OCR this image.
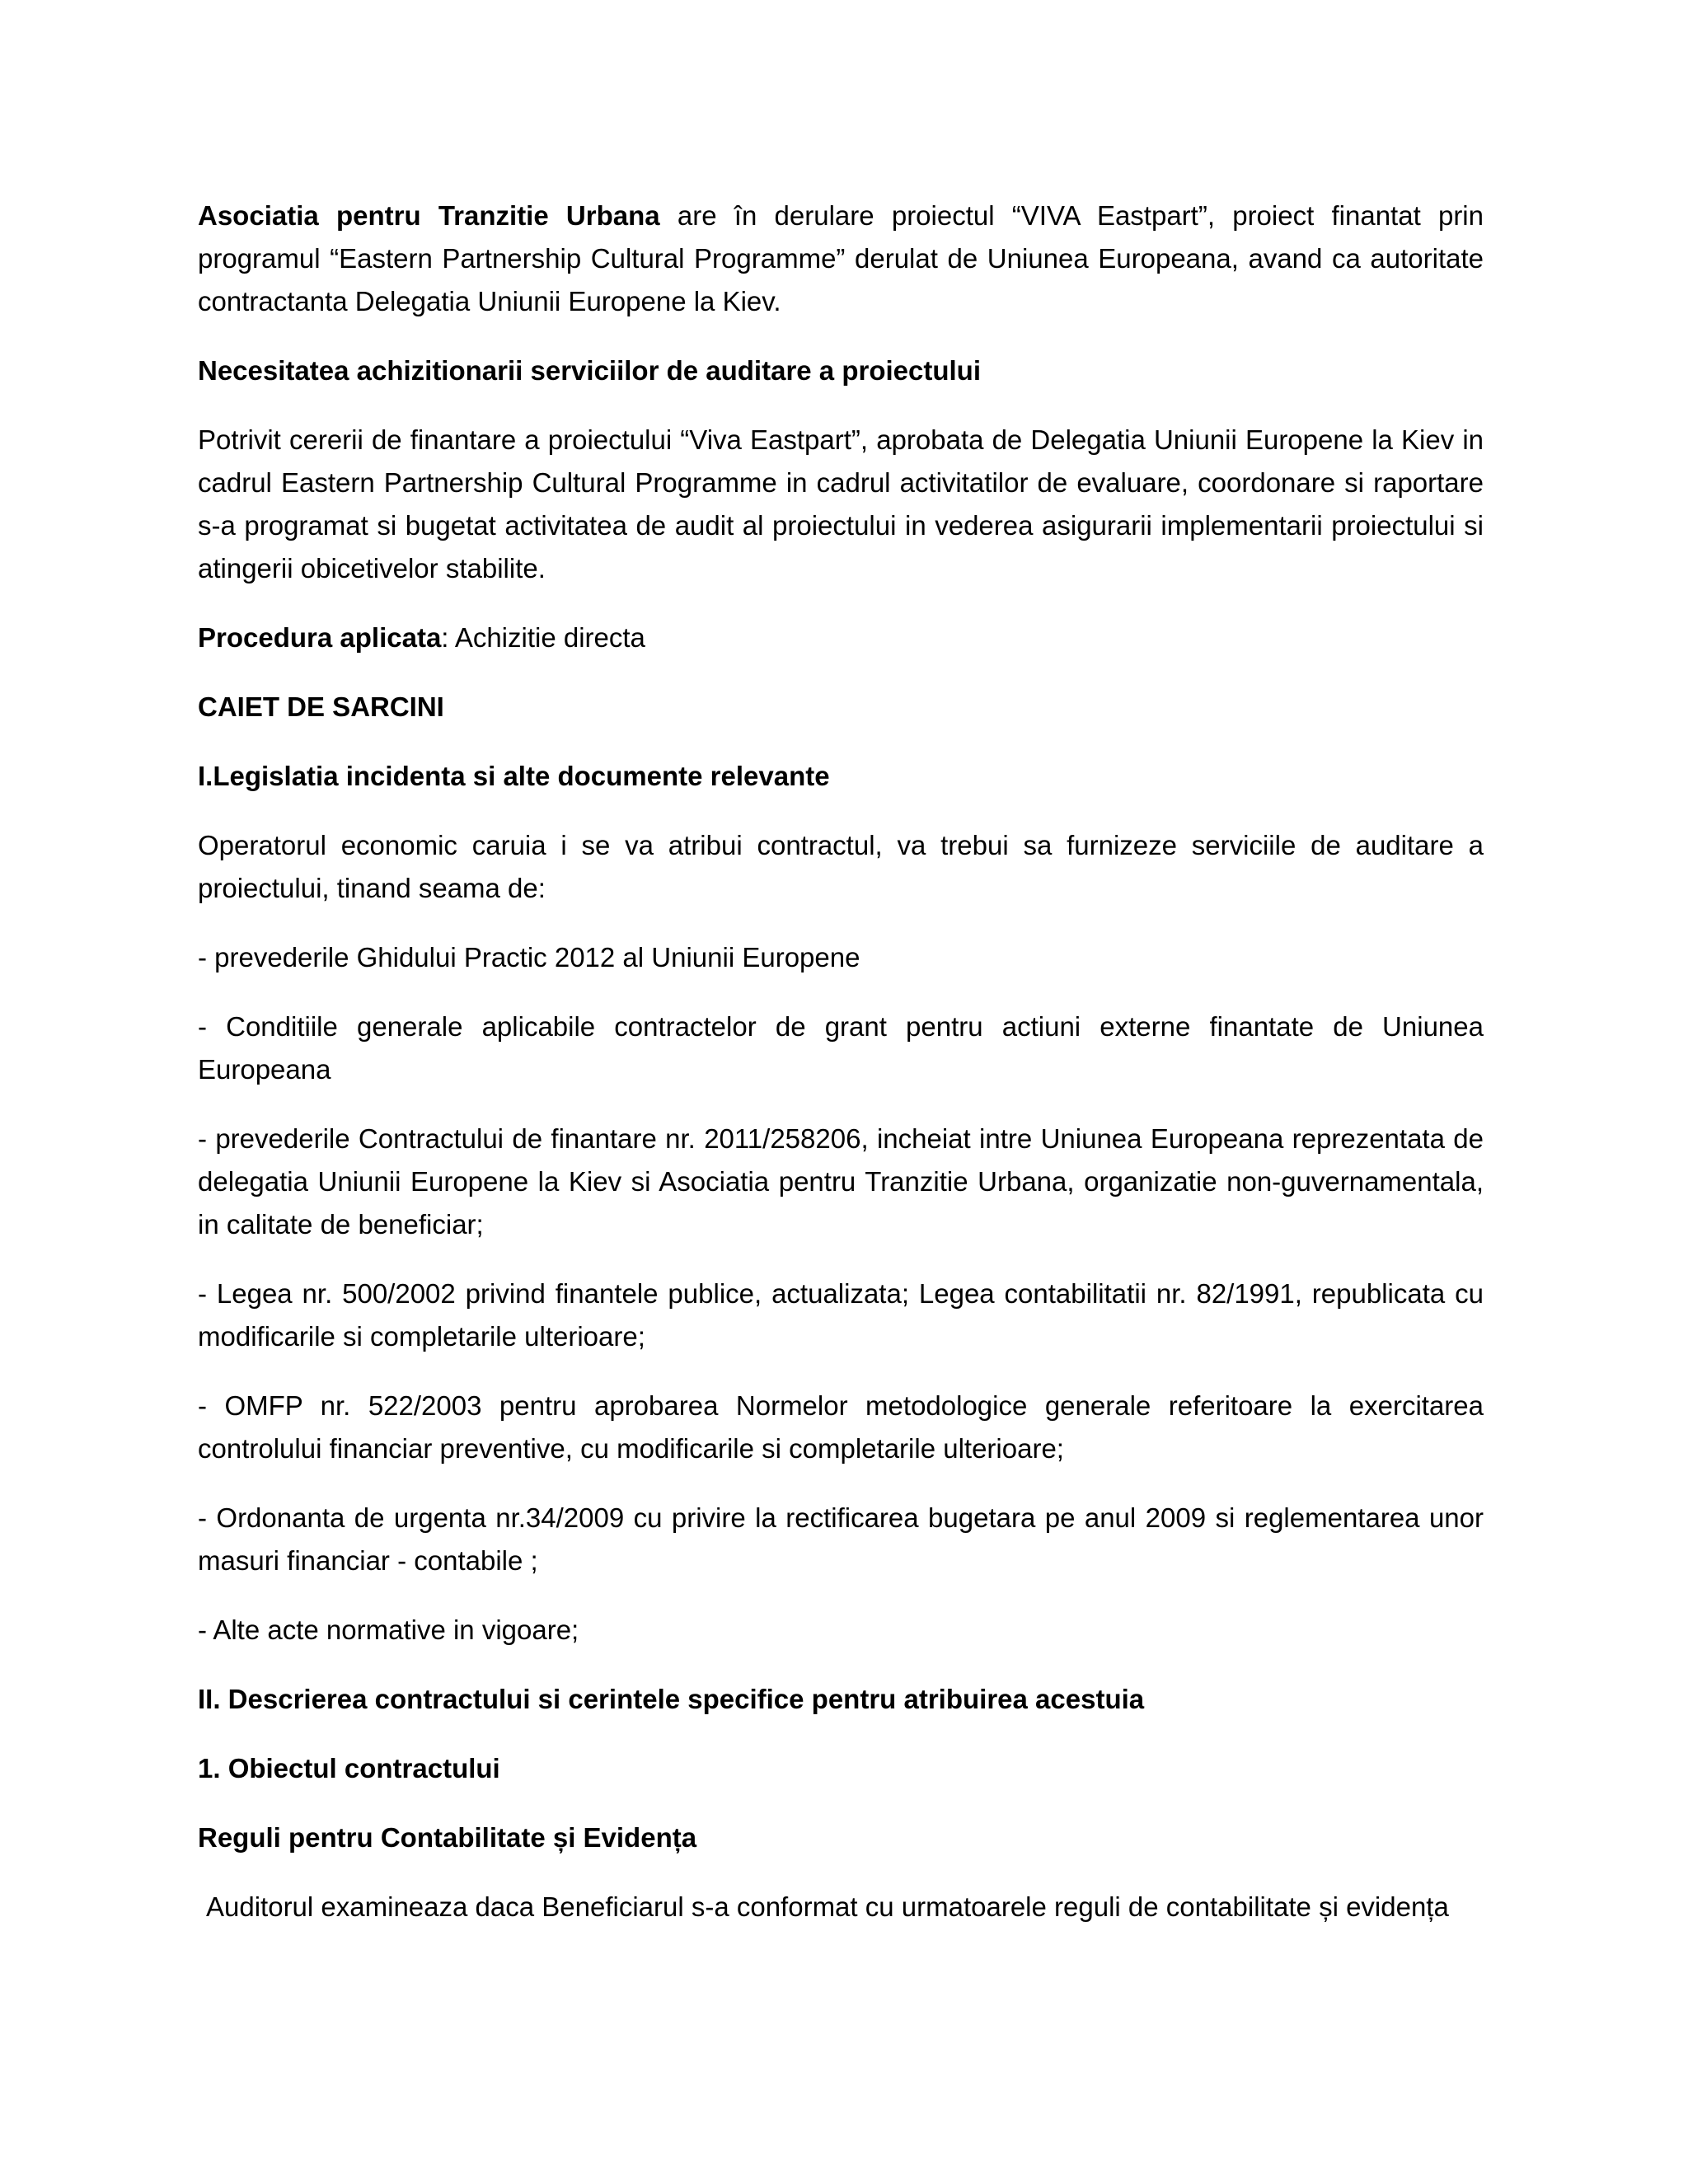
Asociatia pentru Tranzitie Urbana are în derulare proiectul “VIVA Eastpart”, proiect finantat prin programul “Eastern Partnership Cultural Programme” derulat de Uniunea Europeana, avand ca autoritate contractanta Delegatia Uniunii Europene la Kiev.

Necesitatea achizitionarii serviciilor de auditare a proiectului

Potrivit cererii de finantare a proiectului “Viva Eastpart”, aprobata de Delegatia Uniunii Europene la Kiev in cadrul Eastern Partnership Cultural Programme in cadrul activitatilor de evaluare, coordonare si raportare s-a programat si bugetat activitatea de audit al proiectului in vederea asigurarii implementarii proiectului si atingerii obicetivelor stabilite.

Procedura aplicata: Achizitie directa

CAIET DE SARCINI
I.Legislatia incidenta si alte documente relevante

Operatorul economic caruia i se va atribui contractul, va trebui sa furnizeze serviciile de auditare a proiectului, tinand seama de:

- prevederile Ghidului Practic 2012 al Uniunii Europene

- Conditiile generale aplicabile contractelor de grant pentru actiuni externe finantate de Uniunea Europeana

- prevederile Contractului de finantare nr. 2011/258206, incheiat intre Uniunea Europeana reprezentata de delegatia Uniunii Europene la Kiev si Asociatia pentru Tranzitie Urbana, organizatie non-guvernamentala, in calitate de beneficiar;

- Legea nr. 500/2002 privind finantele publice, actualizata; Legea contabilitatii nr. 82/1991, republicata cu modificarile si completarile ulterioare;

- OMFP nr. 522/2003 pentru aprobarea Normelor metodologice generale referitoare la exercitarea controlului financiar preventive, cu modificarile si completarile ulterioare;

- Ordonanta de urgenta nr.34/2009 cu privire la rectificarea bugetara pe anul 2009 si reglementarea unor masuri financiar - contabile ;

- Alte acte normative in vigoare;

II. Descrierea contractului si cerintele specifice pentru atribuirea acestuia
1. Obiectul contractului
Reguli pentru Contabilitate și Evidența

Auditorul examineaza daca Beneficiarul s-a conformat cu urmatoarele reguli de contabilitate și evidența
